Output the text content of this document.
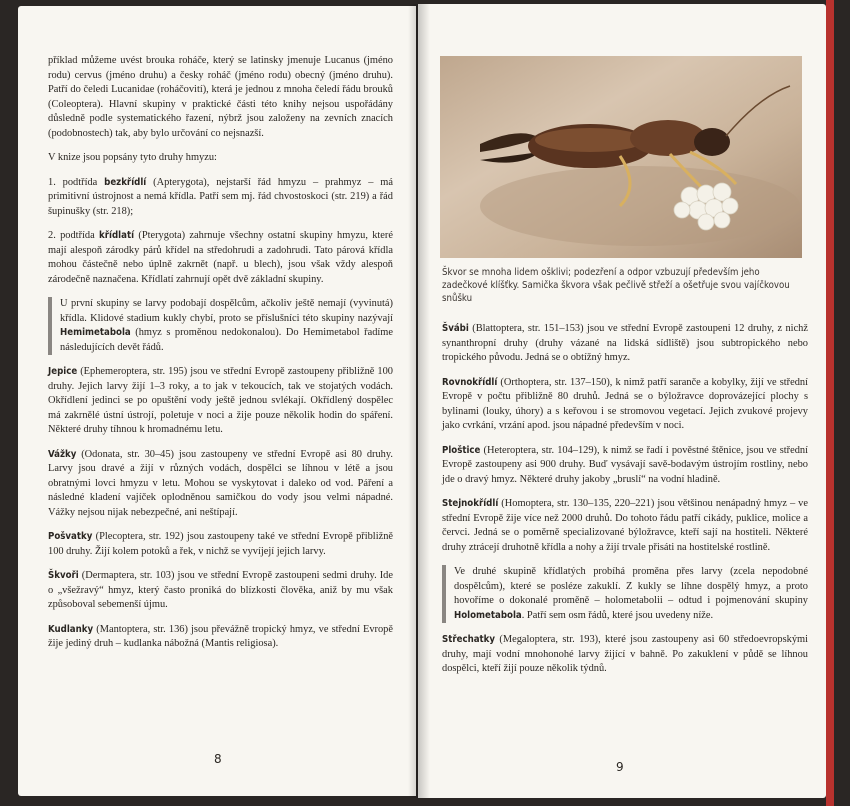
příklad můžeme uvést brouka roháče, který se latinsky jmenuje Lucanus (jméno rodu) cervus (jméno druhu) a česky roháč (jméno rodu) obecný (jméno druhu). Patří do čeledi Lucanidae (roháčovití), která je jednou z mnoha čeledí řádu brouků (Coleoptera). Hlavní skupiny v praktické části této knihy nejsou uspořádány důsledně podle systematického řazení, nýbrž jsou založeny na zevních znacích (podobnostech) tak, aby bylo určování co nejsnazší.

V knize jsou popsány tyto druhy hmyzu:

1. podtřída bezkřídlí (Apterygota), nejstarší řád hmyzu – prahmyz – má primitivní ústrojnost a nemá křídla. Patří sem mj. řád chvostoskoci (str. 219) a řád šupinušky (str. 218);

2. podtřída křídlatí (Pterygota) zahrnuje všechny ostatní skupiny hmyzu, které mají alespoň zárodky párů křídel na středohrudi a zadohrudi. Tato párová křídla mohou částečně nebo úplně zakrnět (např. u blech), jsou však vždy alespoň zárodečně naznačena. Křídlatí zahrnují opět dvě základní skupiny.

U první skupiny se larvy podobají dospělcům, ačkoliv ještě nemají (vyvinutá) křídla. Klidové stadium kukly chybí, proto se příslušníci této skupiny nazývají Hemimetabola (hmyz s proměnou nedokonalou). Do Hemimetabol řadíme následujících devět řádů.

Jepice (Ephemeroptera, str. 195) jsou ve střední Evropě zastoupeny přibližně 100 druhy. Jejich larvy žijí 1–3 roky, a to jak v tekoucích, tak ve stojatých vodách. Okřídlení jedinci se po opuštění vody ještě jednou svlékají. Okřídlený dospělec má zakrnělé ústní ústrojí, poletuje v noci a žije pouze několik hodin do spáření. Některé druhy tíhnou k hromadnému letu.

Vážky (Odonata, str. 30–45) jsou zastoupeny ve střední Evropě asi 80 druhy. Larvy jsou dravé a žijí v různých vodách, dospělci se líhnou v létě a jsou obratnými lovci hmyzu v letu. Mohou se vyskytovat i daleko od vod. Páření a následné kladení vajíček oplodněnou samičkou do vody jsou velmi nápadné. Vážky nejsou nijak nebezpečné, ani neštípají.

Pošvatky (Plecoptera, str. 192) jsou zastoupeny také ve střední Evropě přibližně 100 druhy. Žijí kolem potoků a řek, v nichž se vyvíjejí jejich larvy.

Škvoři (Dermaptera, str. 103) jsou ve střední Evropě zastoupeni sedmi druhy. Ide o „všežravý“ hmyz, který často proniká do blízkosti člověka, aniž by mu však způsoboval sebemenší újmu.

Kudlanky (Mantoptera, str. 136) jsou převážně tropický hmyz, ve střední Evropě žije jediný druh – kudlanka nábožná (Mantis religiosa).

8
Škvor se mnoha lidem ošklivi; podezření a odpor vzbuzují především jeho zadečkové klíšťky. Samička škvora však pečlivě střeží a ošetřuje svou vajíčkovou snůšku

Švábi (Blattoptera, str. 151–153) jsou ve střední Evropě zastoupeni 12 druhy, z nichž synanthropní druhy (druhy vázané na lidská sídliště) jsou subtropického nebo tropického původu. Jedná se o obtížný hmyz.

Rovnokřídlí (Orthoptera, str. 137–150), k nimž patří saranče a kobylky, žijí ve střední Evropě v počtu přibližně 80 druhů. Jedná se o býložravce doprovázející plochy s bylinami (louky, úhory) a s keřovou i se stromovou vegetací. Jejich zvukové projevy jako cvrkání, vrzání apod. jsou nápadné především v noci.

Ploštice (Heteroptera, str. 104–129), k nimž se řadí i pověstné štěnice, jsou ve střední Evropě zastoupeny asi 900 druhy. Buď vysávají savě-bodavým ústrojím rostliny, nebo jde o dravý hmyz. Některé druhy jakoby „bruslí“ na vodní hladině.

Stejnokřídlí (Homoptera, str. 130–135, 220–221) jsou většinou nenápadný hmyz – ve střední Evropě žije více než 2000 druhů. Do tohoto řádu patří cikády, puklice, molice a červci. Jedná se o poměrně specializované býložravce, kteří sají na hostiteli. Některé druhy ztrácejí druhotně křídla a nohy a žijí trvale přisáti na hostitelské rostlině.

Ve druhé skupině křídlatých probíhá proměna přes larvy (zcela nepodobné dospělcům), které se posléze zakuklí. Z kukly se líhne dospělý hmyz, a proto hovoříme o dokonalé proměně – holometabolii – odtud i pojmenování skupiny Holometabola. Patří sem osm řádů, které jsou uvedeny níže.

Střechatky (Megaloptera, str. 193), které jsou zastoupeny asi 60 středoevropskými druhy, mají vodní mnohonohé larvy žijící v bahně. Po zakuklení v půdě se líhnou dospělci, kteří žijí pouze několik týdnů.

9
